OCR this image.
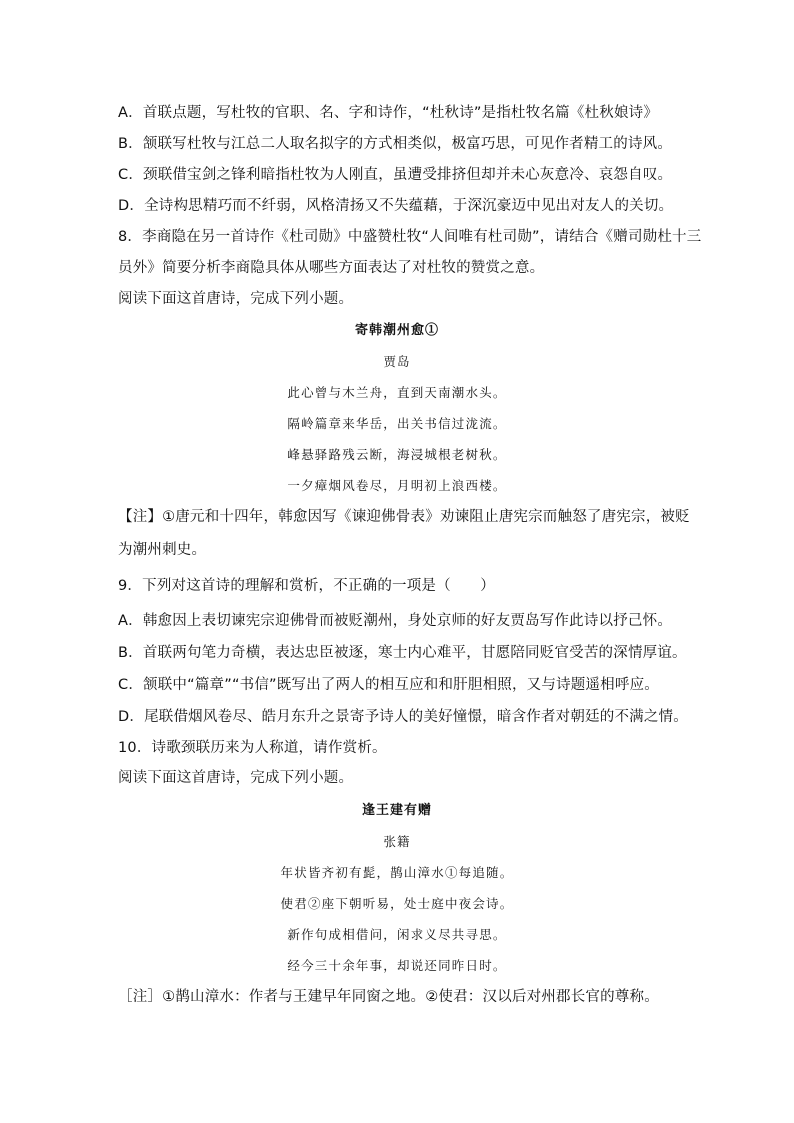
A．首联点题，写杜牧的官职、名、字和诗作，“杜秋诗”是指杜牧名篇《杜秋娘诗》
B．颔联写杜牧与江总二人取名拟字的方式相类似，极富巧思，可见作者精工的诗风。
C．颈联借宝剑之锋利暗指杜牧为人刚直，虽遭受排挤但却并未心灰意冷、哀怨自叹。
D．全诗构思精巧而不纤弱，风格清扬又不失蕴藉，于深沉豪迈中见出对友人的关切。
8．李商隐在另一首诗作《杜司勋》中盛赞杜牧“人间唯有杜司勋”，请结合《赠司勋杜十三
员外》简要分析李商隐具体从哪些方面表达了对杜牧的赞赏之意。
阅读下面这首唐诗，完成下列小题。
寄韩潮州愈①
贾岛
此心曾与木兰舟，直到天南潮水头。
隔岭篇章来华岳，出关书信过泷流。
峰悬驿路残云断，海浸城根老树秋。
一夕瘴烟风卷尽，月明初上浪西楼。
【注】①唐元和十四年，韩愈因写《谏迎佛骨表》劝谏阻止唐宪宗而触怒了唐宪宗，被贬
为潮州刺史。
9．下列对这首诗的理解和赏析，不正确的一项是（　　）
A．韩愈因上表切谏宪宗迎佛骨而被贬潮州，身处京师的好友贾岛写作此诗以抒己怀。
B．首联两句笔力奇横，表达忠臣被逐，寒士内心难平，甘愿陪同贬官受苦的深情厚谊。
C．颔联中“篇章”“书信”既写出了两人的相互应和和肝胆相照，又与诗题遥相呼应。
D．尾联借烟风卷尽、皓月东升之景寄予诗人的美好憧憬，暗含作者对朝廷的不满之情。
10．诗歌颈联历来为人称道，请作赏析。
阅读下面这首唐诗，完成下列小题。
逢王建有赠
张籍
年状皆齐初有髭，鹊山漳水①每追随。
使君②座下朝听易，处士庭中夜会诗。
新作句成相借问，闲求义尽共寻思。
经今三十余年事，却说还同昨日时。
［注］①鹊山漳水：作者与王建早年同窗之地。②使君：汉以后对州郡长官的尊称。
